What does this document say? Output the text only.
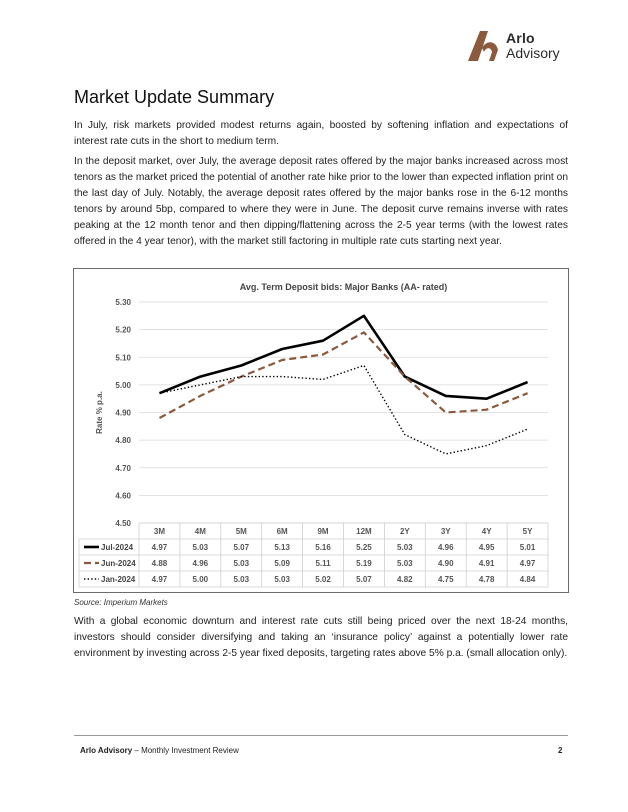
Arlo
Advisory
Market Update Summary

In July, risk markets provided modest returns again, boosted by softening inflation and expectations of interest rate cuts in the short to medium term.

In the deposit market, over July, the average deposit rates offered by the major banks increased across most tenors as the market priced the potential of another rate hike prior to the lower than expected inflation print on the last day of July. Notably, the average deposit rates offered by the major banks rose in the 6-12 months tenors by around 5bp, compared to where they were in June. The deposit curve remains inverse with rates peaking at the 12 month tenor and then dipping/flattening across the 2-5 year terms (with the lowest rates offered in the 4 year tenor), with the market still factoring in multiple rate cuts starting next year.

Avg. Term Deposit bids: Major Banks (AA- rated)
5.30
5.20
5.10
5.00
4.90
4.80
4.70
4.60
4.50
Rate % p.a.
3M	4M	5M	6M	9M	12M	2Y	3Y	4Y	5Y
Jul-2024 4.97	5.03	5.07	5.13	5.16	5.25	5.03	4.96	4.95	5.01
Jun-2024 4.88	4.96	5.03	5.09	5.11	5.19	5.03	4.90	4.91	4.97
Jan-2024 4.97	5.00	5.03	5.03	5.02	5.07	4.82	4.75	4.78	4.84
Source: Imperium Markets

With a global economic downturn and interest rate cuts still being priced over the next 18-24 months, investors should consider diversifying and taking an ‘insurance policy’ against a potentially lower rate environment by investing across 2-5 year fixed deposits, targeting rates above 5% p.a. (small allocation only).

Arlo Advisory – Monthly Investment Review	2
